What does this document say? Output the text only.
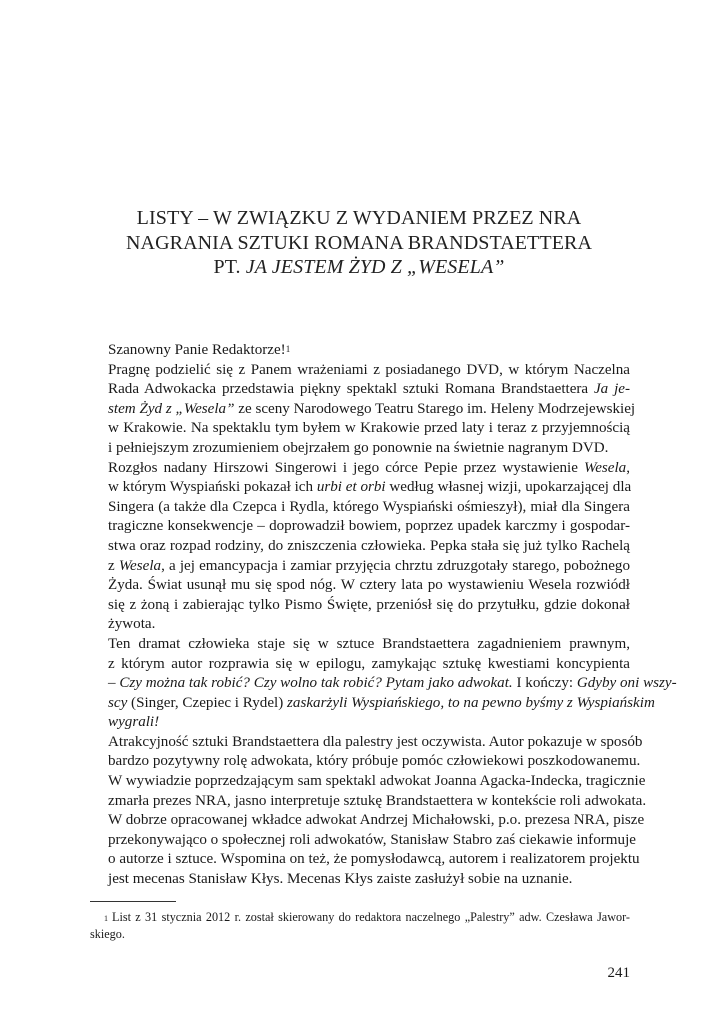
LISTY – W ZWIĄZKU Z WYDANIEM PRZEZ NRA
NAGRANIA SZTUKI ROMANA BRANDSTAETTERA
PT. JA JESTEM ŻYD Z „WESELA”

Szanowny Panie Redaktorze!$^1$

Pragnę podzielić się z Panem wrażeniami z posiadanego DVD, w którym Naczelna
Rada Adwokacka przedstawia piękny spektakl sztuki Romana Brandstaettera Ja je-
stem Żyd z „Wesela” ze sceny Narodowego Teatru Starego im. Heleny Modrzejewskiej
w Krakowie. Na spektaklu tym byłem w Krakowie przed laty i teraz z przyjemnością
i pełniejszym zrozumieniem obejrzałem go ponownie na świetnie nagranym DVD.

Rozgłos nadany Hirszowi Singerowi i jego córce Pepie przez wystawienie Wesela,
w którym Wyspiański pokazał ich urbi et orbi według własnej wizji, upokarzającej dla
Singera (a także dla Czepca i Rydla, którego Wyspiański ośmieszył), miał dla Singera
tragiczne konsekwencje – doprowadził bowiem, poprzez upadek karczmy i gospodar-
stwa oraz rozpad rodziny, do zniszczenia człowieka. Pepka stała się już tylko Rachelą
z Wesela, a jej emancypacja i zamiar przyjęcia chrztu zdruzgotały starego, pobożnego
Żyda. Świat usunął mu się spod nóg. W cztery lata po wystawieniu Wesela rozwiódł
się z żoną i zabierając tylko Pismo Święte, przeniósł się do przytułku, gdzie dokonał
żywota.

Ten dramat człowieka staje się w sztuce Brandstaettera zagadnieniem prawnym,
z którym autor rozprawia się w epilogu, zamykając sztukę kwestiami koncypienta
– Czy można tak robić? Czy wolno tak robić? Pytam jako adwokat. I kończy: Gdyby oni wszy-
scy (Singer, Czepiec i Rydel) zaskarżyli Wyspiańskiego, to na pewno byśmy z Wyspiańskim
wygrali!

Atrakcyjność sztuki Brandstaettera dla palestry jest oczywista. Autor pokazuje w sposób
bardzo pozytywny rolę adwokata, który próbuje pomóc człowiekowi poszkodowanemu.
W wywiadzie poprzedzającym sam spektakl adwokat Joanna Agacka-Indecka, tragicznie
zmarła prezes NRA, jasno interpretuje sztukę Brandstaettera w kontekście roli adwokata.
W dobrze opracowanej wkładce adwokat Andrzej Michałowski, p.o. prezesa NRA, pisze
przekonywająco o społecznej roli adwokatów, Stanisław Stabro zaś ciekawie informuje
o autorze i sztuce. Wspomina on też, że pomysłodawcą, autorem i realizatorem projektu
jest mecenas Stanisław Kłys. Mecenas Kłys zaiste zasłużył sobie na uznanie.

$^1$ List z 31 stycznia 2012 r. został skierowany do redaktora naczelnego „Palestry” adw. Czesława Jawor-
skiego.
241
